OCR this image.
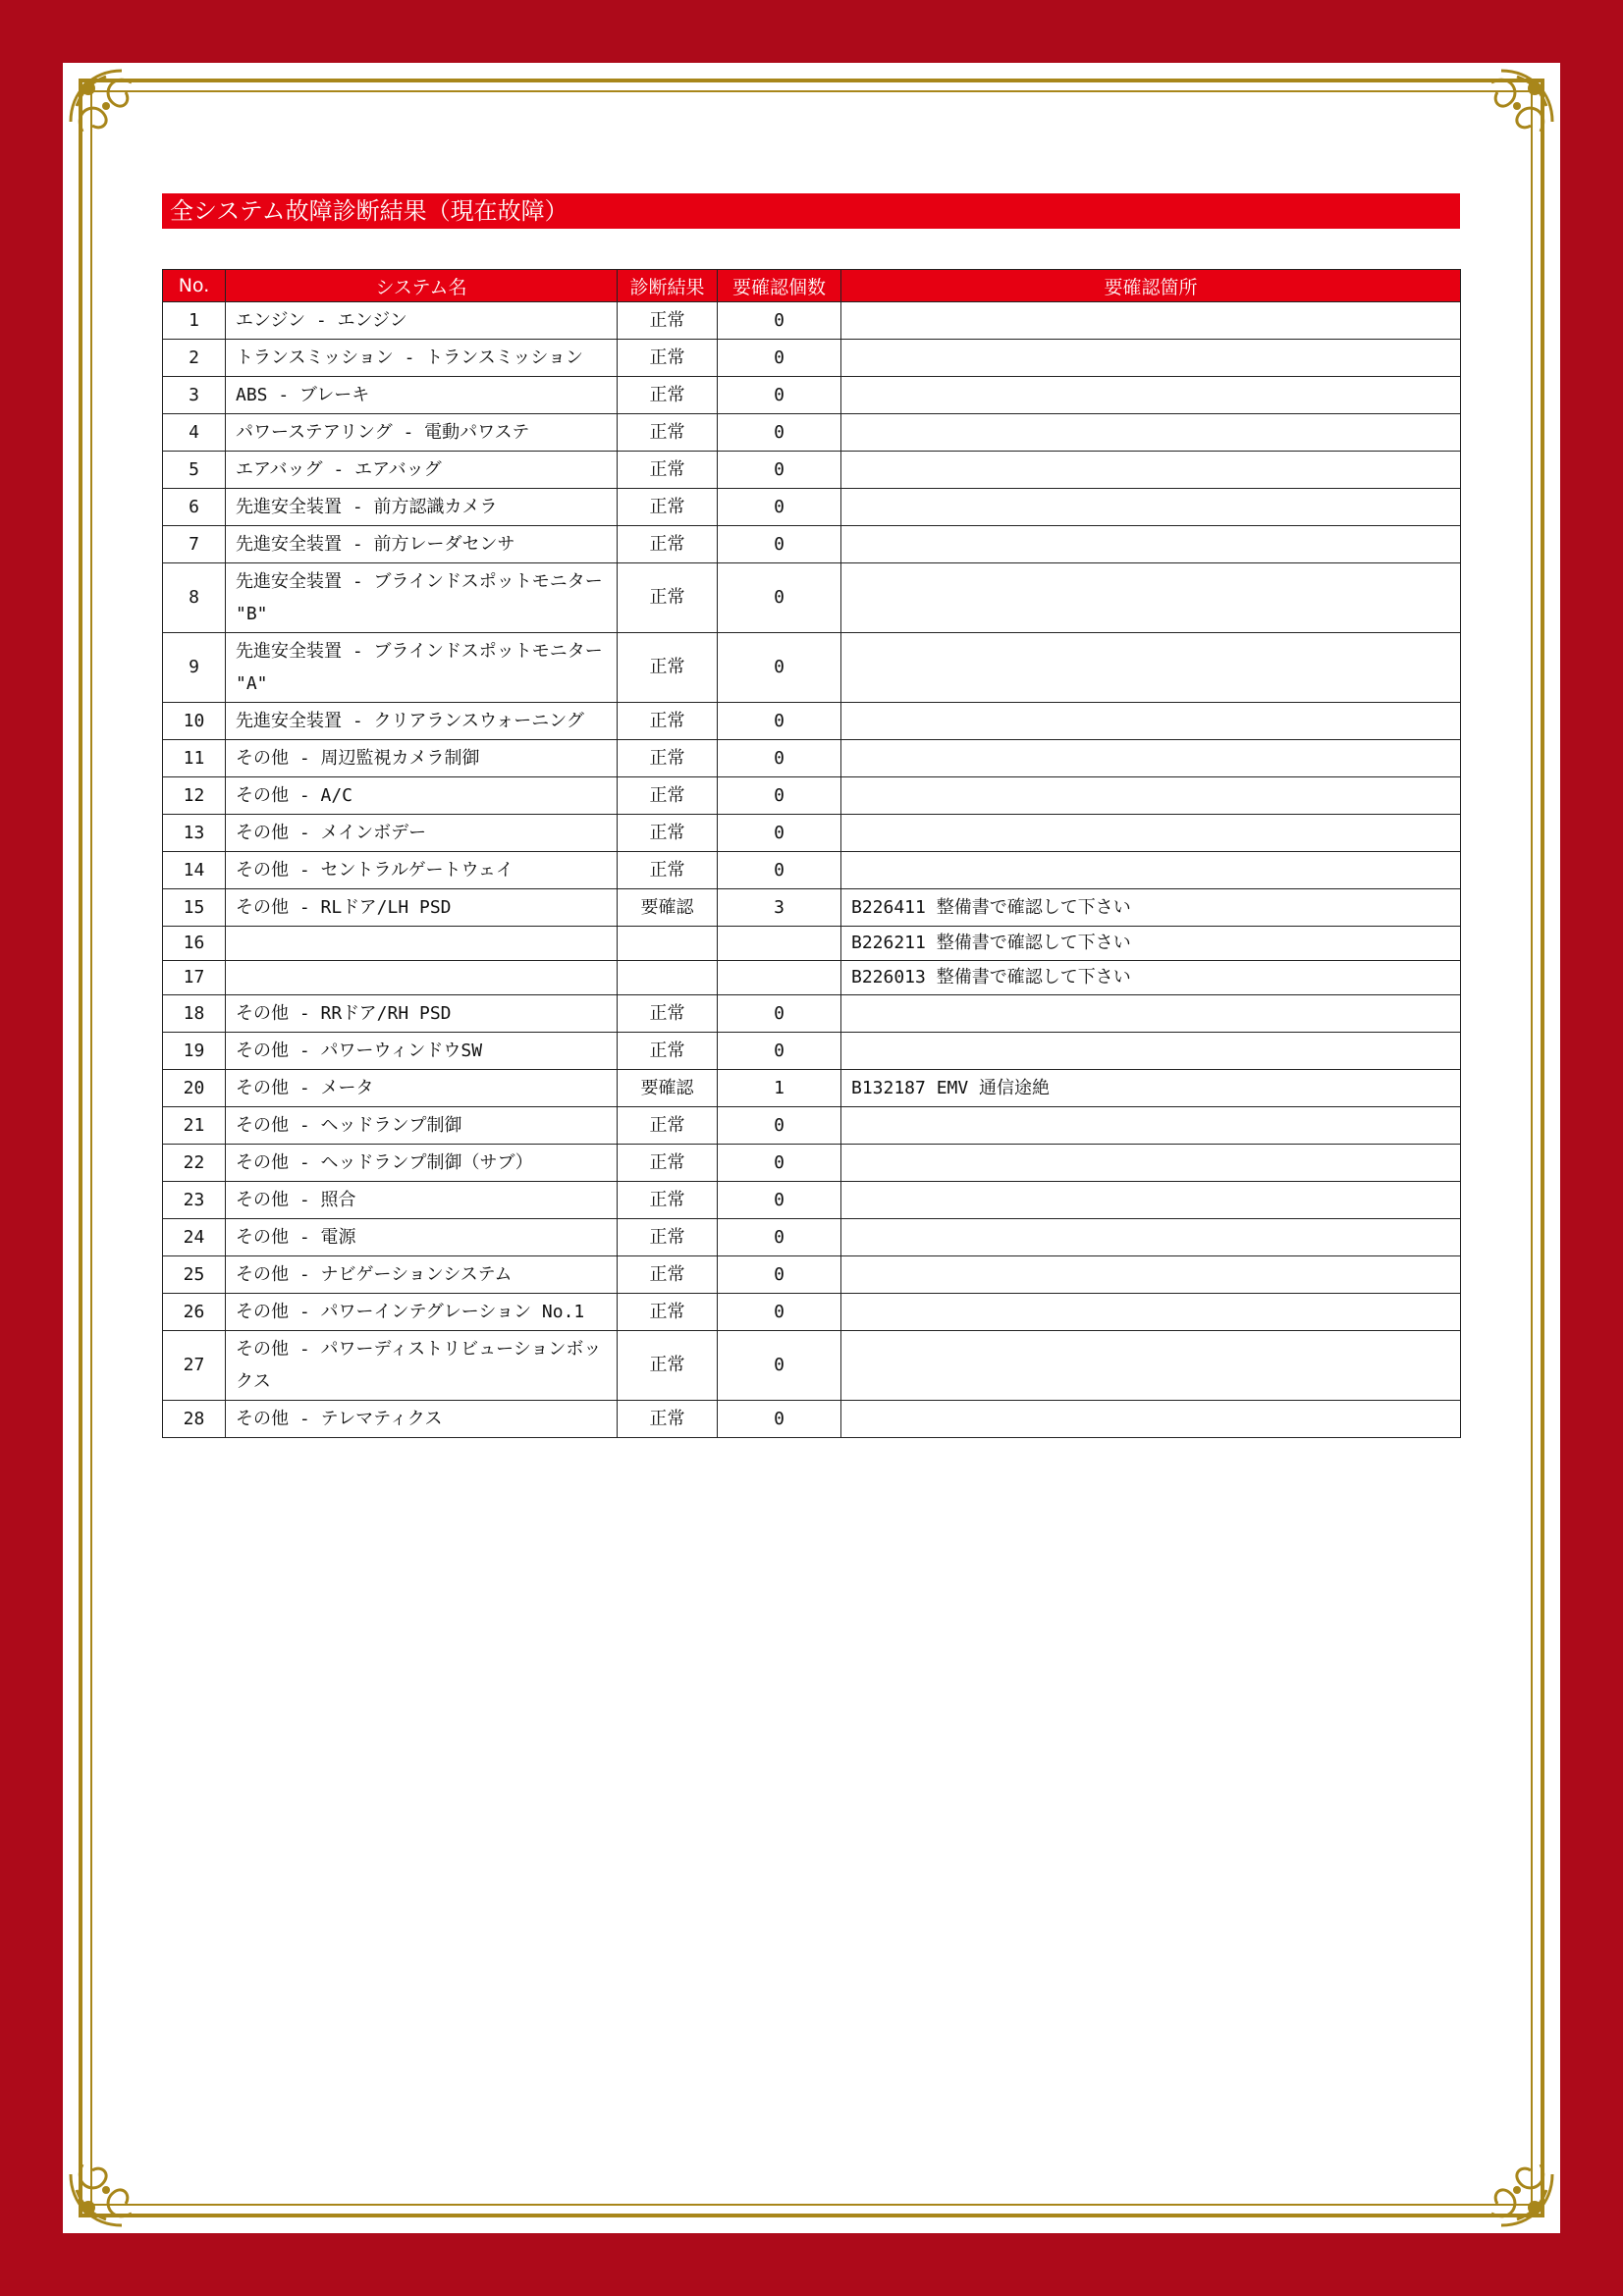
全システム故障診断結果（現在故障）
No.	システム名	診断結果	要確認個数	要確認箇所
1	エンジン - エンジン	正常	0	
2	トランスミッション - トランスミッション	正常	0	
3	ABS - ブレーキ	正常	0	
4	パワーステアリング - 電動パワステ	正常	0	
5	エアバッグ - エアバッグ	正常	0	
6	先進安全装置 - 前方認識カメラ	正常	0	
7	先進安全装置 - 前方レーダセンサ	正常	0	
8	先進安全装置 - ブラインドスポットモニター "B"	正常	0	
9	先進安全装置 - ブラインドスポットモニター "A"	正常	0	
10	先進安全装置 - クリアランスウォーニング	正常	0	
11	その他 - 周辺監視カメラ制御	正常	0	
12	その他 - A/C	正常	0	
13	その他 - メインボデー	正常	0	
14	その他 - セントラルゲートウェイ	正常	0	
15	その他 - RLドア/LH PSD	要確認	3	B226411 整備書で確認して下さい
16				B226211 整備書で確認して下さい
17				B226013 整備書で確認して下さい
18	その他 - RRドア/RH PSD	正常	0	
19	その他 - パワーウィンドウSW	正常	0	
20	その他 - メータ	要確認	1	B132187 EMV 通信途絶
21	その他 - ヘッドランプ制御	正常	0	
22	その他 - ヘッドランプ制御（サブ）	正常	0	
23	その他 - 照合	正常	0	
24	その他 - 電源	正常	0	
25	その他 - ナビゲーションシステム	正常	0	
26	その他 - パワーインテグレーション No.1	正常	0	
27	その他 - パワーディストリビューションボックス	正常	0	
28	その他 - テレマティクス	正常	0	
